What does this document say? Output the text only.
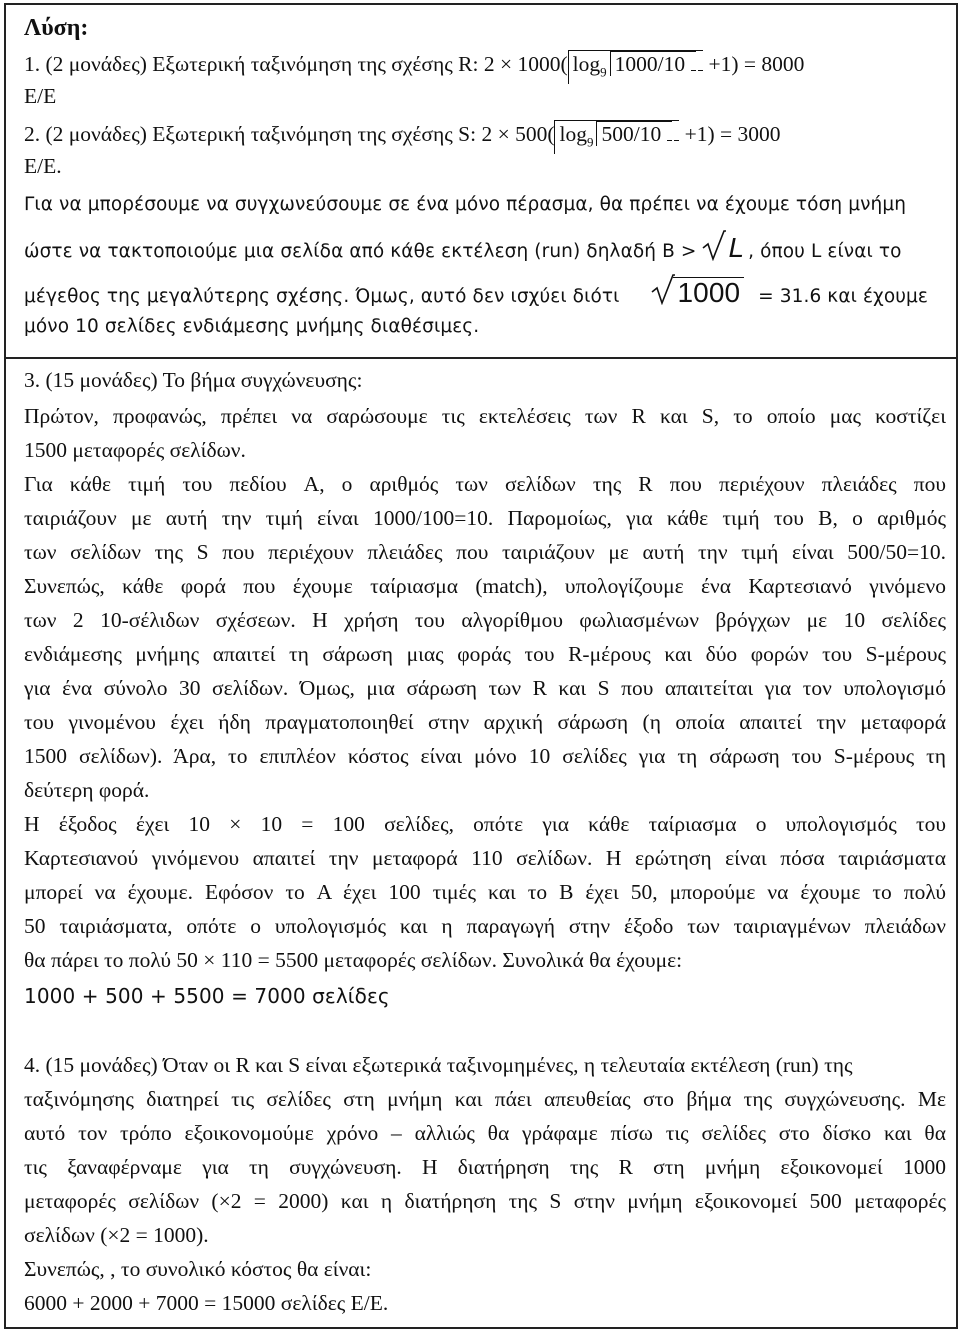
Λύση:
1. (2 μονάδες) Εξωτερική ταξινόμηση της σχέσης R: 2 × 1000( $\log_9 1000/10 +1) = 8000$
Ε/Ε
2. (2 μονάδες) Εξωτερική ταξινόμηση της σχέσης S: 2 × 500( $\log_9 500/10 +1) = 3000$
Ε/Ε.
Για να μπορέσουμε να συγχωνεύσουμε σε ένα μόνο πέρασμα, θα πρέπει να έχουμε τόση μνήμη
ώστε να τακτοποιούμε μια σελίδα από κάθε εκτέλεση (run) δηλαδή B > L , όπου L είναι το
μέγεθος της μεγαλύτερης σχέσης. Όμως, αυτό δεν ισχύει διότι 1000 = 31.6 και έχουμε
μόνο 10 σελίδες ενδιάμεσης μνήμης διαθέσιμες.
3. (15 μονάδες) Το βήμα συγχώνευσης:
Πρώτον, προφανώς, πρέπει να σαρώσουμε τις εκτελέσεις των R και S, το οποίο μας κοστίζει
1500 μεταφορές σελίδων.
Για κάθε τιμή του πεδίου A, ο αριθμός των σελίδων της R που περιέχουν πλειάδες που
ταιριάζουν με αυτή την τιμή είναι 1000/100=10. Παρομοίως, για κάθε τιμή του B, ο αριθμός
των σελίδων της S που περιέχουν πλειάδες που ταιριάζουν με αυτή την τιμή είναι 500/50=10.
Συνεπώς, κάθε φορά που έχουμε ταίριασμα (match), υπολογίζουμε ένα Καρτεσιανό γινόμενο
των 2 10-σέλιδων σχέσεων. Η χρήση του αλγορίθμου φωλιασμένων βρόγχων με 10 σελίδες
ενδιάμεσης μνήμης απαιτεί τη σάρωση μιας φοράς του R-μέρους και δύο φορών του S-μέρους
για ένα σύνολο 30 σελίδων. Όμως, μια σάρωση των R και S που απαιτείται για τον υπολογισμό
του γινομένου έχει ήδη πραγματοποιηθεί στην αρχική σάρωση (η οποία απαιτεί την μεταφορά
1500 σελίδων). Άρα, το επιπλέον κόστος είναι μόνο 10 σελίδες για τη σάρωση του S-μέρους τη
δεύτερη φορά.
Η έξοδος έχει 10 × 10 = 100 σελίδες, οπότε για κάθε ταίριασμα ο υπολογισμός του
Καρτεσιανού γινόμενου απαιτεί την μεταφορά 110 σελίδων. Η ερώτηση είναι πόσα ταιριάσματα
μπορεί να έχουμε. Εφόσον το A έχει 100 τιμές και το B έχει 50, μπορούμε να έχουμε το πολύ
50 ταιριάσματα, οπότε ο υπολογισμός και η παραγωγή στην έξοδο των ταιριαγμένων πλειάδων
θα πάρει το πολύ 50 × 110 = 5500 μεταφορές σελίδων. Συνολικά θα έχουμε:
1000 + 500 + 5500 = 7000 σελίδες
4. (15 μονάδες) Όταν οι R και S είναι εξωτερικά ταξινομημένες, η τελευταία εκτέλεση (run) της
ταξινόμησης διατηρεί τις σελίδες στη μνήμη και πάει απευθείας στο βήμα της συγχώνευσης. Με
αυτό τον τρόπο εξοικονομούμε χρόνο – αλλιώς θα γράφαμε πίσω τις σελίδες στο δίσκο και θα
τις ξαναφέρναμε για τη συγχώνευση. Η διατήρηση της R στη μνήμη εξοικονομεί 1000
μεταφορές σελίδων (×2 = 2000) και η διατήρηση της S στην μνήμη εξοικονομεί 500 μεταφορές
σελίδων (×2 = 1000).
Συνεπώς, , το συνολικό κόστος θα είναι:
6000 + 2000 + 7000 = 15000 σελίδες Ε/Ε.
